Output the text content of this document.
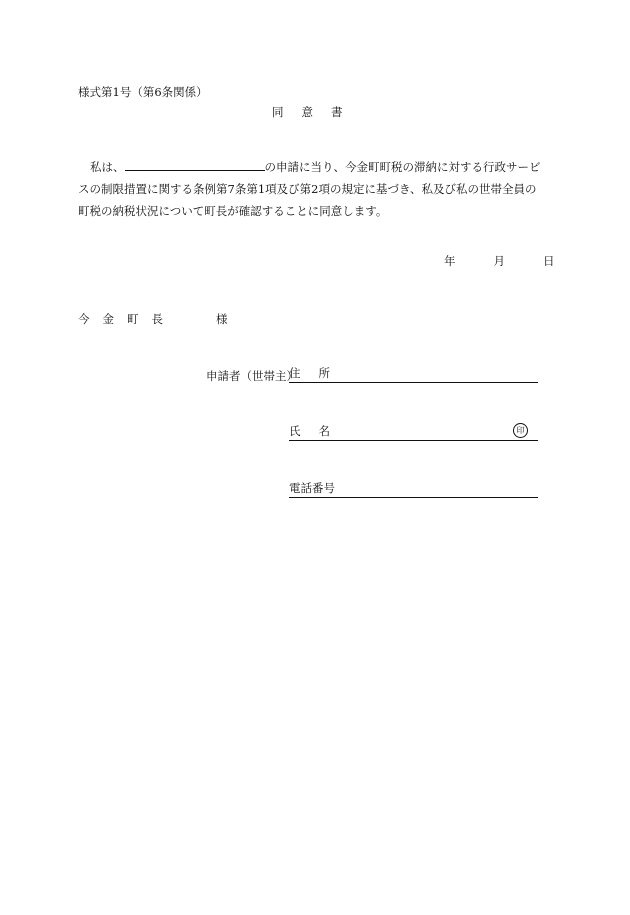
様式第1号（第6条関係）
同意書
私は、	の申請に当り、今金町町税の滞納に対する行政サービ
スの制限措置に関する条例第7条第1項及び第2項の規定に基づき、私及び私の世帯全員の
町税の納税状況について町長が確認することに同意します。
年	月	日
今金町長	様
申請者（世帯主）
住所
氏名	印
電話番号
